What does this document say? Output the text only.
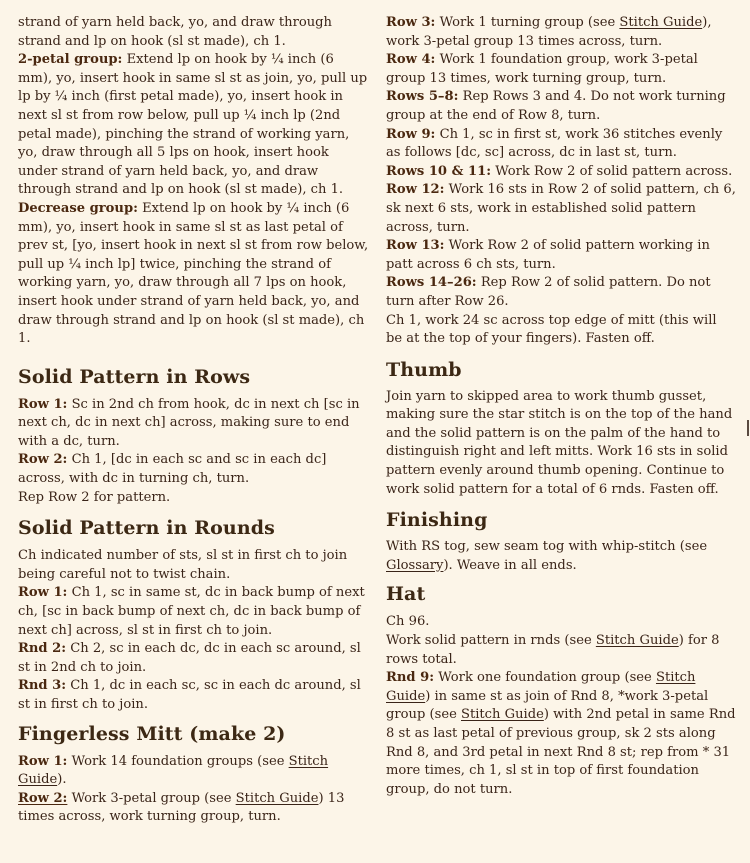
strand of yarn held back, yo, and draw through strand and lp on hook (sl st made), ch 1.

2-petal group: Extend lp on hook by ¼ inch (6 mm), yo, insert hook in same sl st as join, yo, pull up lp by ¼ inch (first petal made), yo, insert hook in next sl st from row below, pull up ¼ inch lp (2nd petal made), pinching the strand of working yarn, yo, draw through all 5 lps on hook, insert hook under strand of yarn held back, yo, and draw through strand and lp on hook (sl st made), ch 1.

Decrease group: Extend lp on hook by ¼ inch (6 mm), yo, insert hook in same sl st as last petal of prev st, [yo, insert hook in next sl st from row below, pull up ¼ inch lp] twice, pinching the strand of working yarn, yo, draw through all 7 lps on hook, insert hook under strand of yarn held back, yo, and draw through strand and lp on hook (sl st made), ch 1.

Solid Pattern in Rows

Row 1: Sc in 2nd ch from hook, dc in next ch [sc in next ch, dc in next ch] across, making sure to end with a dc, turn.

Row 2: Ch 1, [dc in each sc and sc in each dc] across, with dc in turning ch, turn.

Rep Row 2 for pattern.

Solid Pattern in Rounds

Ch indicated number of sts, sl st in first ch to join being careful not to twist chain.

Row 1: Ch 1, sc in same st, dc in back bump of next ch, [sc in back bump of next ch, dc in back bump of next ch] across, sl st in first ch to join.

Rnd 2: Ch 2, sc in each dc, dc in each sc around, sl st in 2nd ch to join.

Rnd 3: Ch 1, dc in each sc, sc in each dc around, sl st in first ch to join.

Fingerless Mitt (make 2)

Row 1: Work 14 foundation groups (see Stitch Guide).

Row 2: Work 3-petal group (see Stitch Guide) 13 times across, work turning group, turn.

Row 3: Work 1 turning group (see Stitch Guide), work 3-petal group 13 times across, turn.

Row 4: Work 1 foundation group, work 3-petal group 13 times, work turning group, turn.

Rows 5–8: Rep Rows 3 and 4. Do not work turning group at the end of Row 8, turn.

Row 9: Ch 1, sc in first st, work 36 stitches evenly as follows [dc, sc] across, dc in last st, turn.

Rows 10 & 11: Work Row 2 of solid pattern across.

Row 12: Work 16 sts in Row 2 of solid pattern, ch 6, sk next 6 sts, work in established solid pattern across, turn.

Row 13: Work Row 2 of solid pattern working in patt across 6 ch sts, turn.

Rows 14–26: Rep Row 2 of solid pattern. Do not turn after Row 26.

Ch 1, work 24 sc across top edge of mitt (this will be at the top of your fingers). Fasten off.

Thumb

Join yarn to skipped area to work thumb gusset, making sure the star stitch is on the top of the hand and the solid pattern is on the palm of the hand to distinguish right and left mitts. Work 16 sts in solid pattern evenly around thumb opening. Continue to work solid pattern for a total of 6 rnds. Fasten off.

Finishing

With RS tog, sew seam tog with whip-stitch (see Glossary). Weave in all ends.

Hat

Ch 96.

Work solid pattern in rnds (see Stitch Guide) for 8 rows total.

Rnd 9: Work one foundation group (see Stitch Guide) in same st as join of Rnd 8, *work 3-petal group (see Stitch Guide) with 2nd petal in same Rnd 8 st as last petal of previous group, sk 2 sts along Rnd 8, and 3rd petal in next Rnd 8 st; rep from * 31 more times, ch 1, sl st in top of first foundation group, do not turn.
